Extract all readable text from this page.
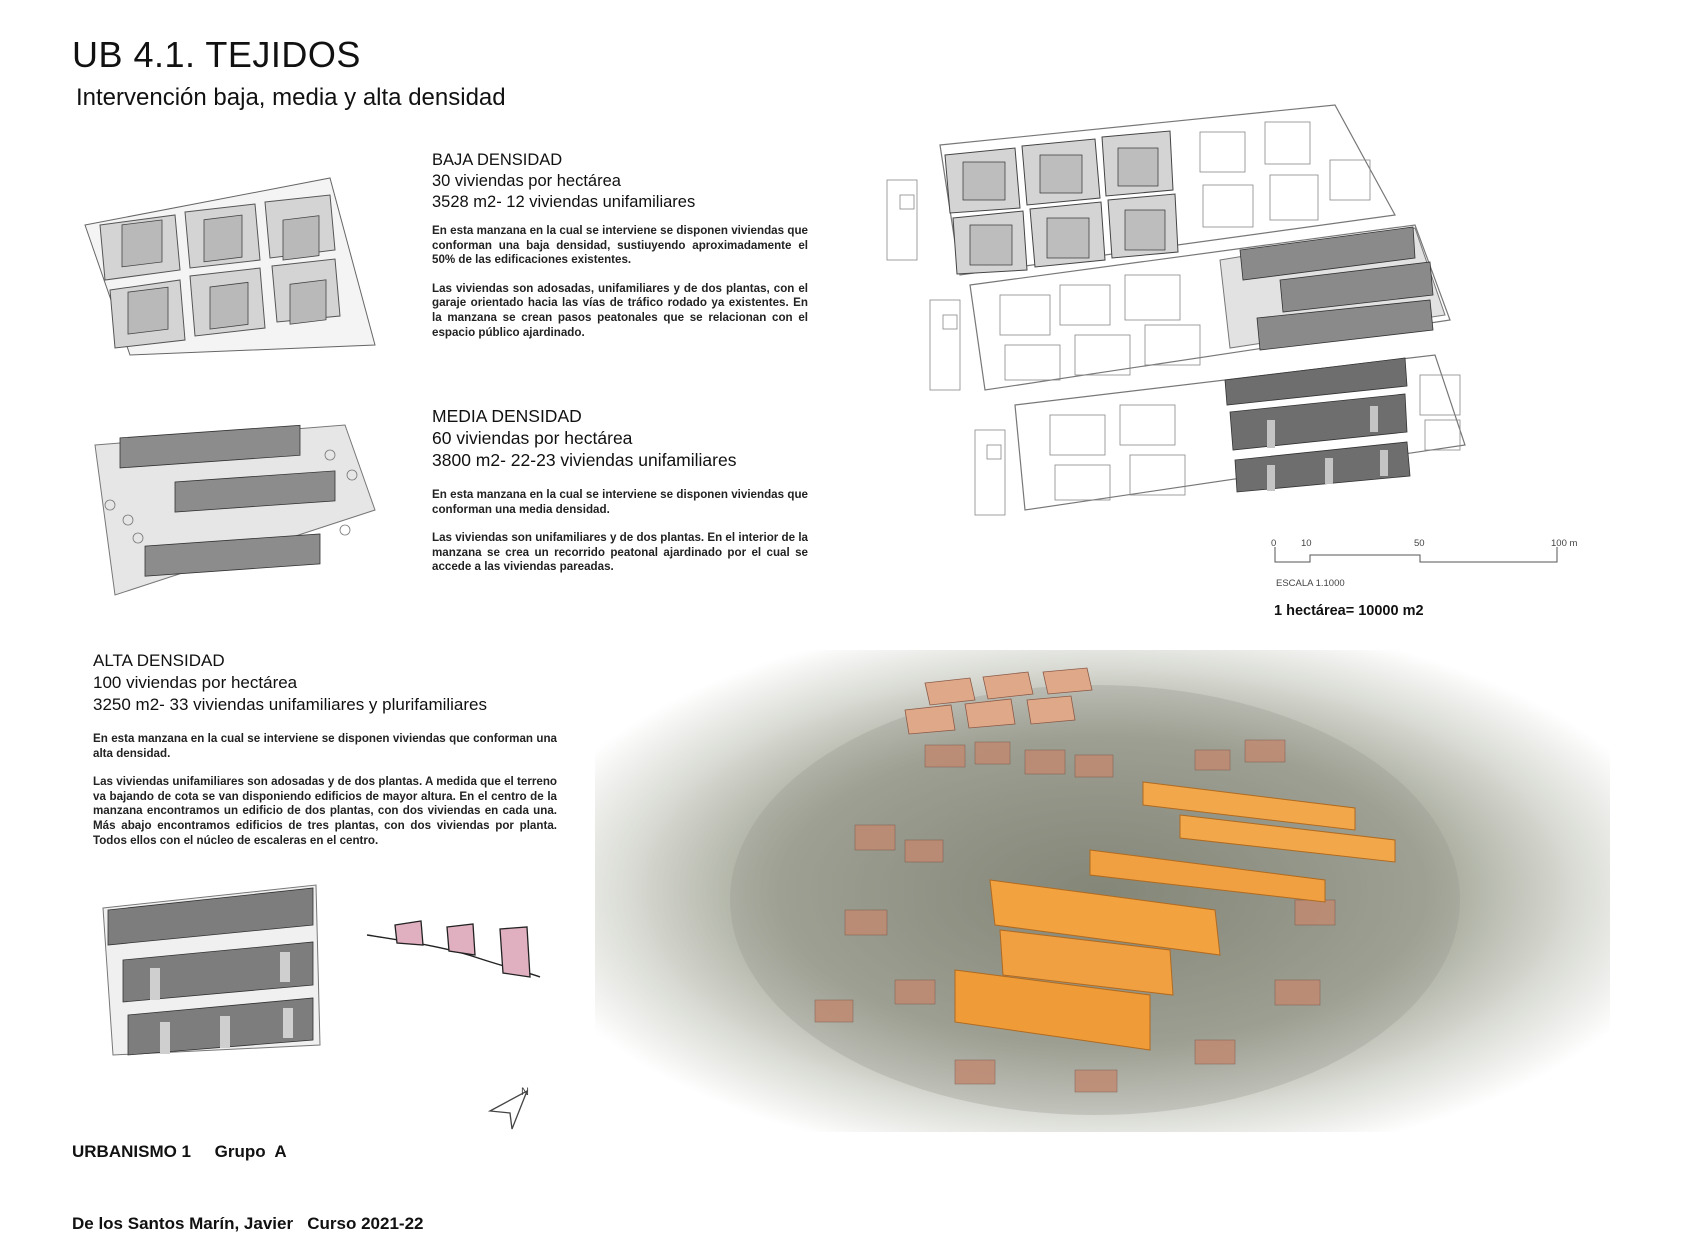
UB 4.1. TEJIDOS
Intervención baja, media y alta densidad
BAJA DENSIDAD
30 viviendas por hectárea
3528 m2- 12 viviendas unifamiliares

En esta manzana en la cual se interviene se disponen viviendas que conforman una baja densidad, sustiuyendo aproximadamente el 50% de las edificaciones existentes.

Las viviendas son adosadas, unifamiliares y de dos plantas, con el garaje orientado hacia las vías de tráfico rodado ya existentes. En la manzana se crean pasos peatonales que se relacionan con el espacio público ajardinado.

MEDIA DENSIDAD
60 viviendas por hectárea
3800 m2- 22-23 viviendas unifamiliares

En esta manzana en la cual se interviene se disponen viviendas que conforman una media densidad.

Las viviendas son unifamiliares y de dos plantas. En el interior de la manzana se crea un recorrido peatonal ajardinado por el cual se accede a las viviendas pareadas.

ALTA DENSIDAD
100 viviendas por hectárea
3250 m2- 33 viviendas unifamiliares y plurifamiliares

En esta manzana en la cual se interviene se disponen viviendas que conforman una alta densidad.

Las viviendas unifamiliares son adosadas y de dos plantas. A medida que el terreno va bajando de cota se van disponiendo edificios de mayor altura. En el centro de la manzana encontramos un edificio de dos plantas, con dos viviendas en cada una. Más abajo encontramos edificios de tres plantas, con dos viviendas por planta. Todos ellos con el núcleo de escaleras en el centro.

0	10	50	100 m
ESCALA 1.1000
1 hectárea= 10000 m2

URBANISMO 1     Grupo  A

De los Santos Marín, Javier   Curso 2021-22

N
